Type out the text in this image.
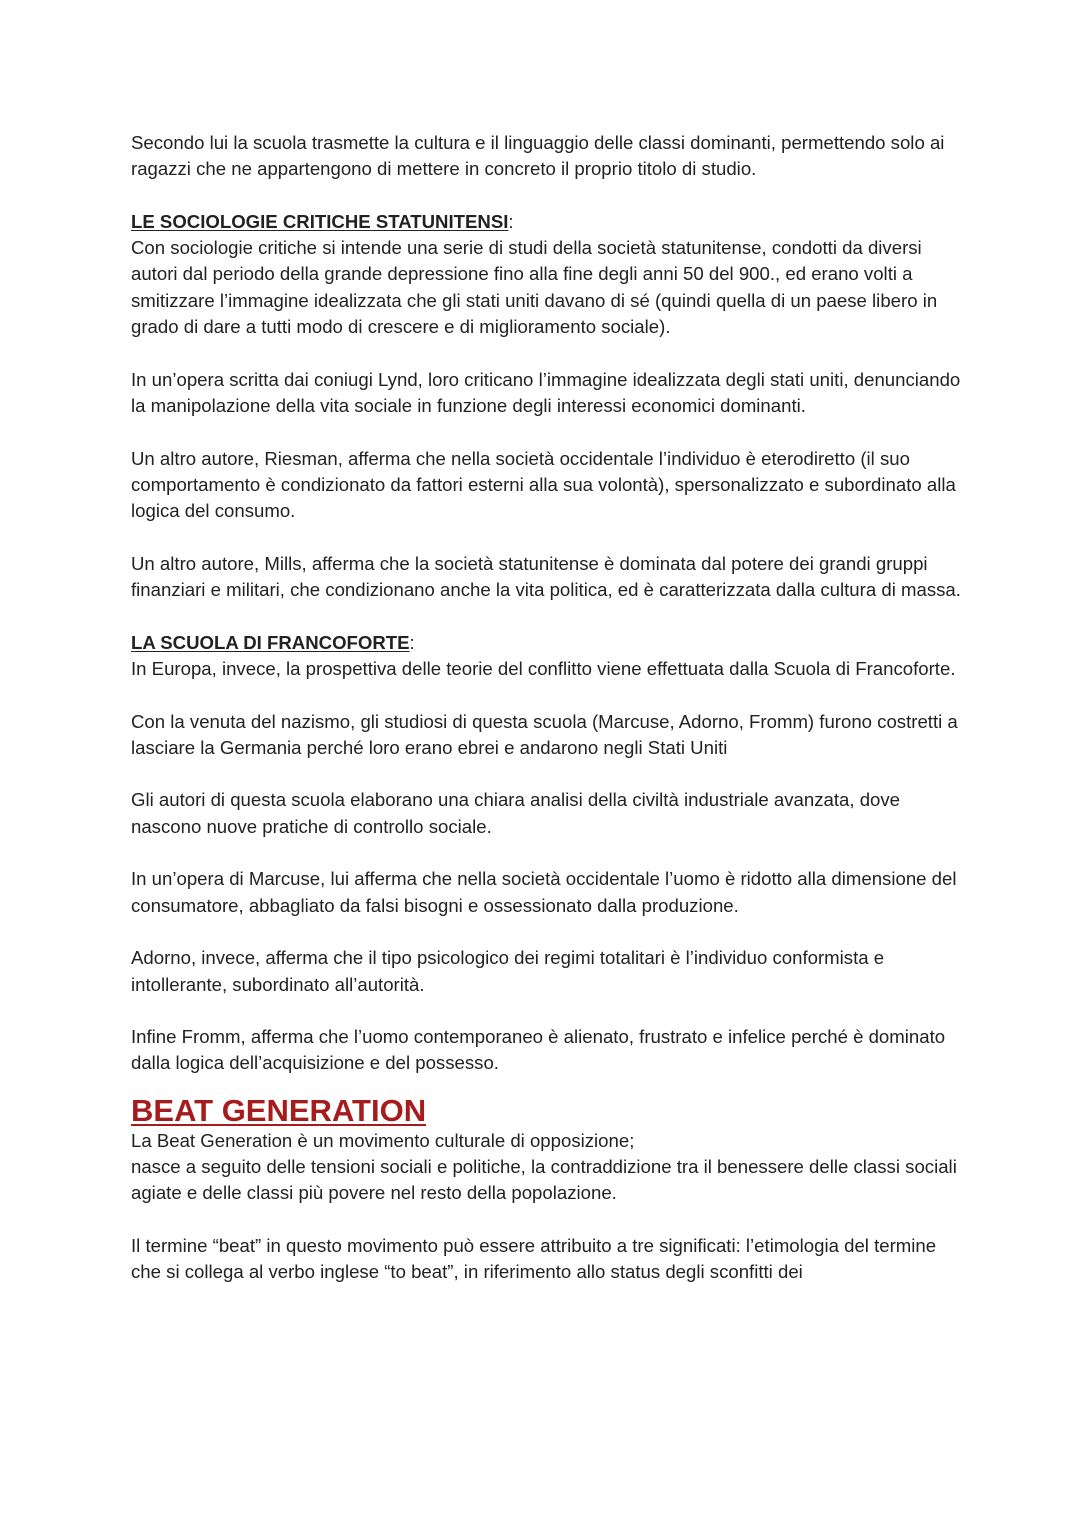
Secondo lui la scuola trasmette la cultura e il linguaggio delle classi dominanti, permettendo solo ai ragazzi che ne appartengono di mettere in concreto il proprio titolo di studio.

LE SOCIOLOGIE CRITICHE STATUNITENSI:

Con sociologie critiche si intende una serie di studi della società statunitense, condotti da diversi autori dal periodo della grande depressione fino alla fine degli anni 50 del 900., ed erano volti a smitizzare l’immagine idealizzata che gli stati uniti davano di sé (quindi quella di un paese libero in grado di dare a tutti modo di crescere e di miglioramento sociale).

In un’opera scritta dai coniugi Lynd, loro criticano l’immagine idealizzata degli stati uniti, denunciando la manipolazione della vita sociale in funzione degli interessi economici dominanti.

Un altro autore, Riesman, afferma che nella società occidentale l’individuo è eterodiretto (il suo comportamento è condizionato da fattori esterni alla sua volontà), spersonalizzato e subordinato alla logica del consumo.

Un altro autore, Mills, afferma che la società statunitense è dominata dal potere dei grandi gruppi finanziari e militari, che condizionano anche la vita politica, ed è caratterizzata dalla cultura di massa.

LA SCUOLA DI FRANCOFORTE:

In Europa, invece, la prospettiva delle teorie del conflitto viene effettuata dalla Scuola di Francoforte.

Con la venuta del nazismo, gli studiosi di questa scuola (Marcuse, Adorno, Fromm) furono costretti a lasciare la Germania perché loro erano ebrei e andarono negli Stati Uniti

Gli autori di questa scuola elaborano una chiara analisi della civiltà industriale avanzata, dove nascono nuove pratiche di controllo sociale.

In un’opera di Marcuse, lui afferma che nella società occidentale l’uomo è ridotto alla dimensione del consumatore, abbagliato da falsi bisogni e ossessionato dalla produzione.

Adorno, invece, afferma che il tipo psicologico dei regimi totalitari è l’individuo conformista e intollerante, subordinato all’autorità.

Infine Fromm, afferma che l’uomo contemporaneo è alienato, frustrato e infelice perché è dominato dalla logica dell’acquisizione e del possesso.

BEAT GENERATION

La Beat Generation è un movimento culturale di opposizione;

nasce a seguito delle tensioni sociali e politiche, la contraddizione tra il benessere delle classi sociali agiate e delle classi più povere nel resto della popolazione.

Il termine “beat” in questo movimento può essere attribuito a tre significati: l’etimologia del termine che si collega al verbo inglese “to beat”, in riferimento allo status degli sconfitti dei
